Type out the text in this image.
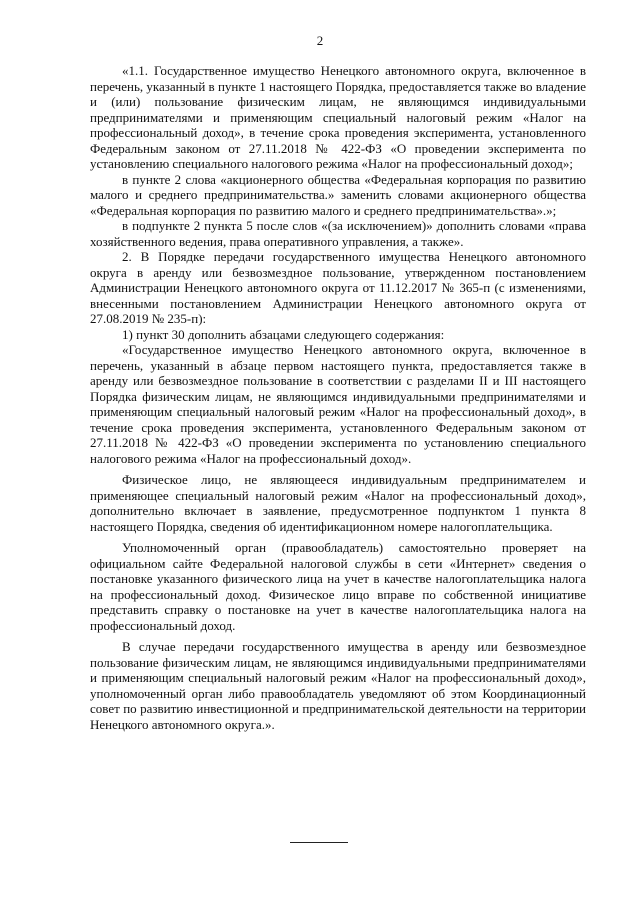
2

«1.1. Государственное имущество Ненецкого автономного округа, включенное в перечень, указанный в пункте 1 настоящего Порядка, предоставляется также во владение и (или) пользование физическим лицам, не являющимся индивидуальными предпринимателями и применяющим специальный налоговый режим «Налог на профессиональный доход», в течение срока проведения эксперимента, установленного Федеральным законом от 27.11.2018 № 422-ФЗ «О проведении эксперимента по установлению специального налогового режима «Налог на профессиональный доход»;

в пункте 2 слова «акционерного общества «Федеральная корпорация по развитию малого и среднего предпринимательства.» заменить словами акционерного общества «Федеральная корпорация по развитию малого и среднего предпринимательства».»;

в подпункте 2 пункта 5 после слов «(за исключением)» дополнить словами «права хозяйственного ведения, права оперативного управления, а также».

2. В Порядке передачи государственного имущества Ненецкого автономного округа в аренду или безвозмездное пользование, утвержденном постановлением Администрации Ненецкого автономного округа от 11.12.2017 № 365-п (с изменениями, внесенными постановлением Администрации Ненецкого автономного округа от 27.08.2019 № 235-п):

1) пункт 30 дополнить абзацами следующего содержания:

«Государственное имущество Ненецкого автономного округа, включенное в перечень, указанный в абзаце первом настоящего пункта, предоставляется также в аренду или безвозмездное пользование в соответствии с разделами II и III настоящего Порядка физическим лицам, не являющимся индивидуальными предпринимателями и применяющим специальный налоговый режим «Налог на профессиональный доход», в течение срока проведения эксперимента, установленного Федеральным законом от 27.11.2018 № 422-ФЗ «О проведении эксперимента по установлению специального налогового режима «Налог на профессиональный доход».

Физическое лицо, не являющееся индивидуальным предпринимателем и применяющее специальный налоговый режим «Налог на профессиональный доход», дополнительно включает в заявление, предусмотренное подпунктом 1 пункта 8 настоящего Порядка, сведения об идентификационном номере налогоплательщика.

Уполномоченный орган (правообладатель) самостоятельно проверяет на официальном сайте Федеральной налоговой службы в сети «Интернет» сведения о постановке указанного физического лица на учет в качестве налогоплательщика налога на профессиональный доход. Физическое лицо вправе по собственной инициативе представить справку о постановке на учет в качестве налогоплательщика налога на профессиональный доход.

В случае передачи государственного имущества в аренду или безвозмездное пользование физическим лицам, не являющимся индивидуальными предпринимателями и применяющим специальный налоговый режим «Налог на профессиональный доход», уполномоченный орган либо правообладатель уведомляют об этом Координационный совет по развитию инвестиционной и предпринимательской деятельности на территории Ненецкого автономного округа.».
